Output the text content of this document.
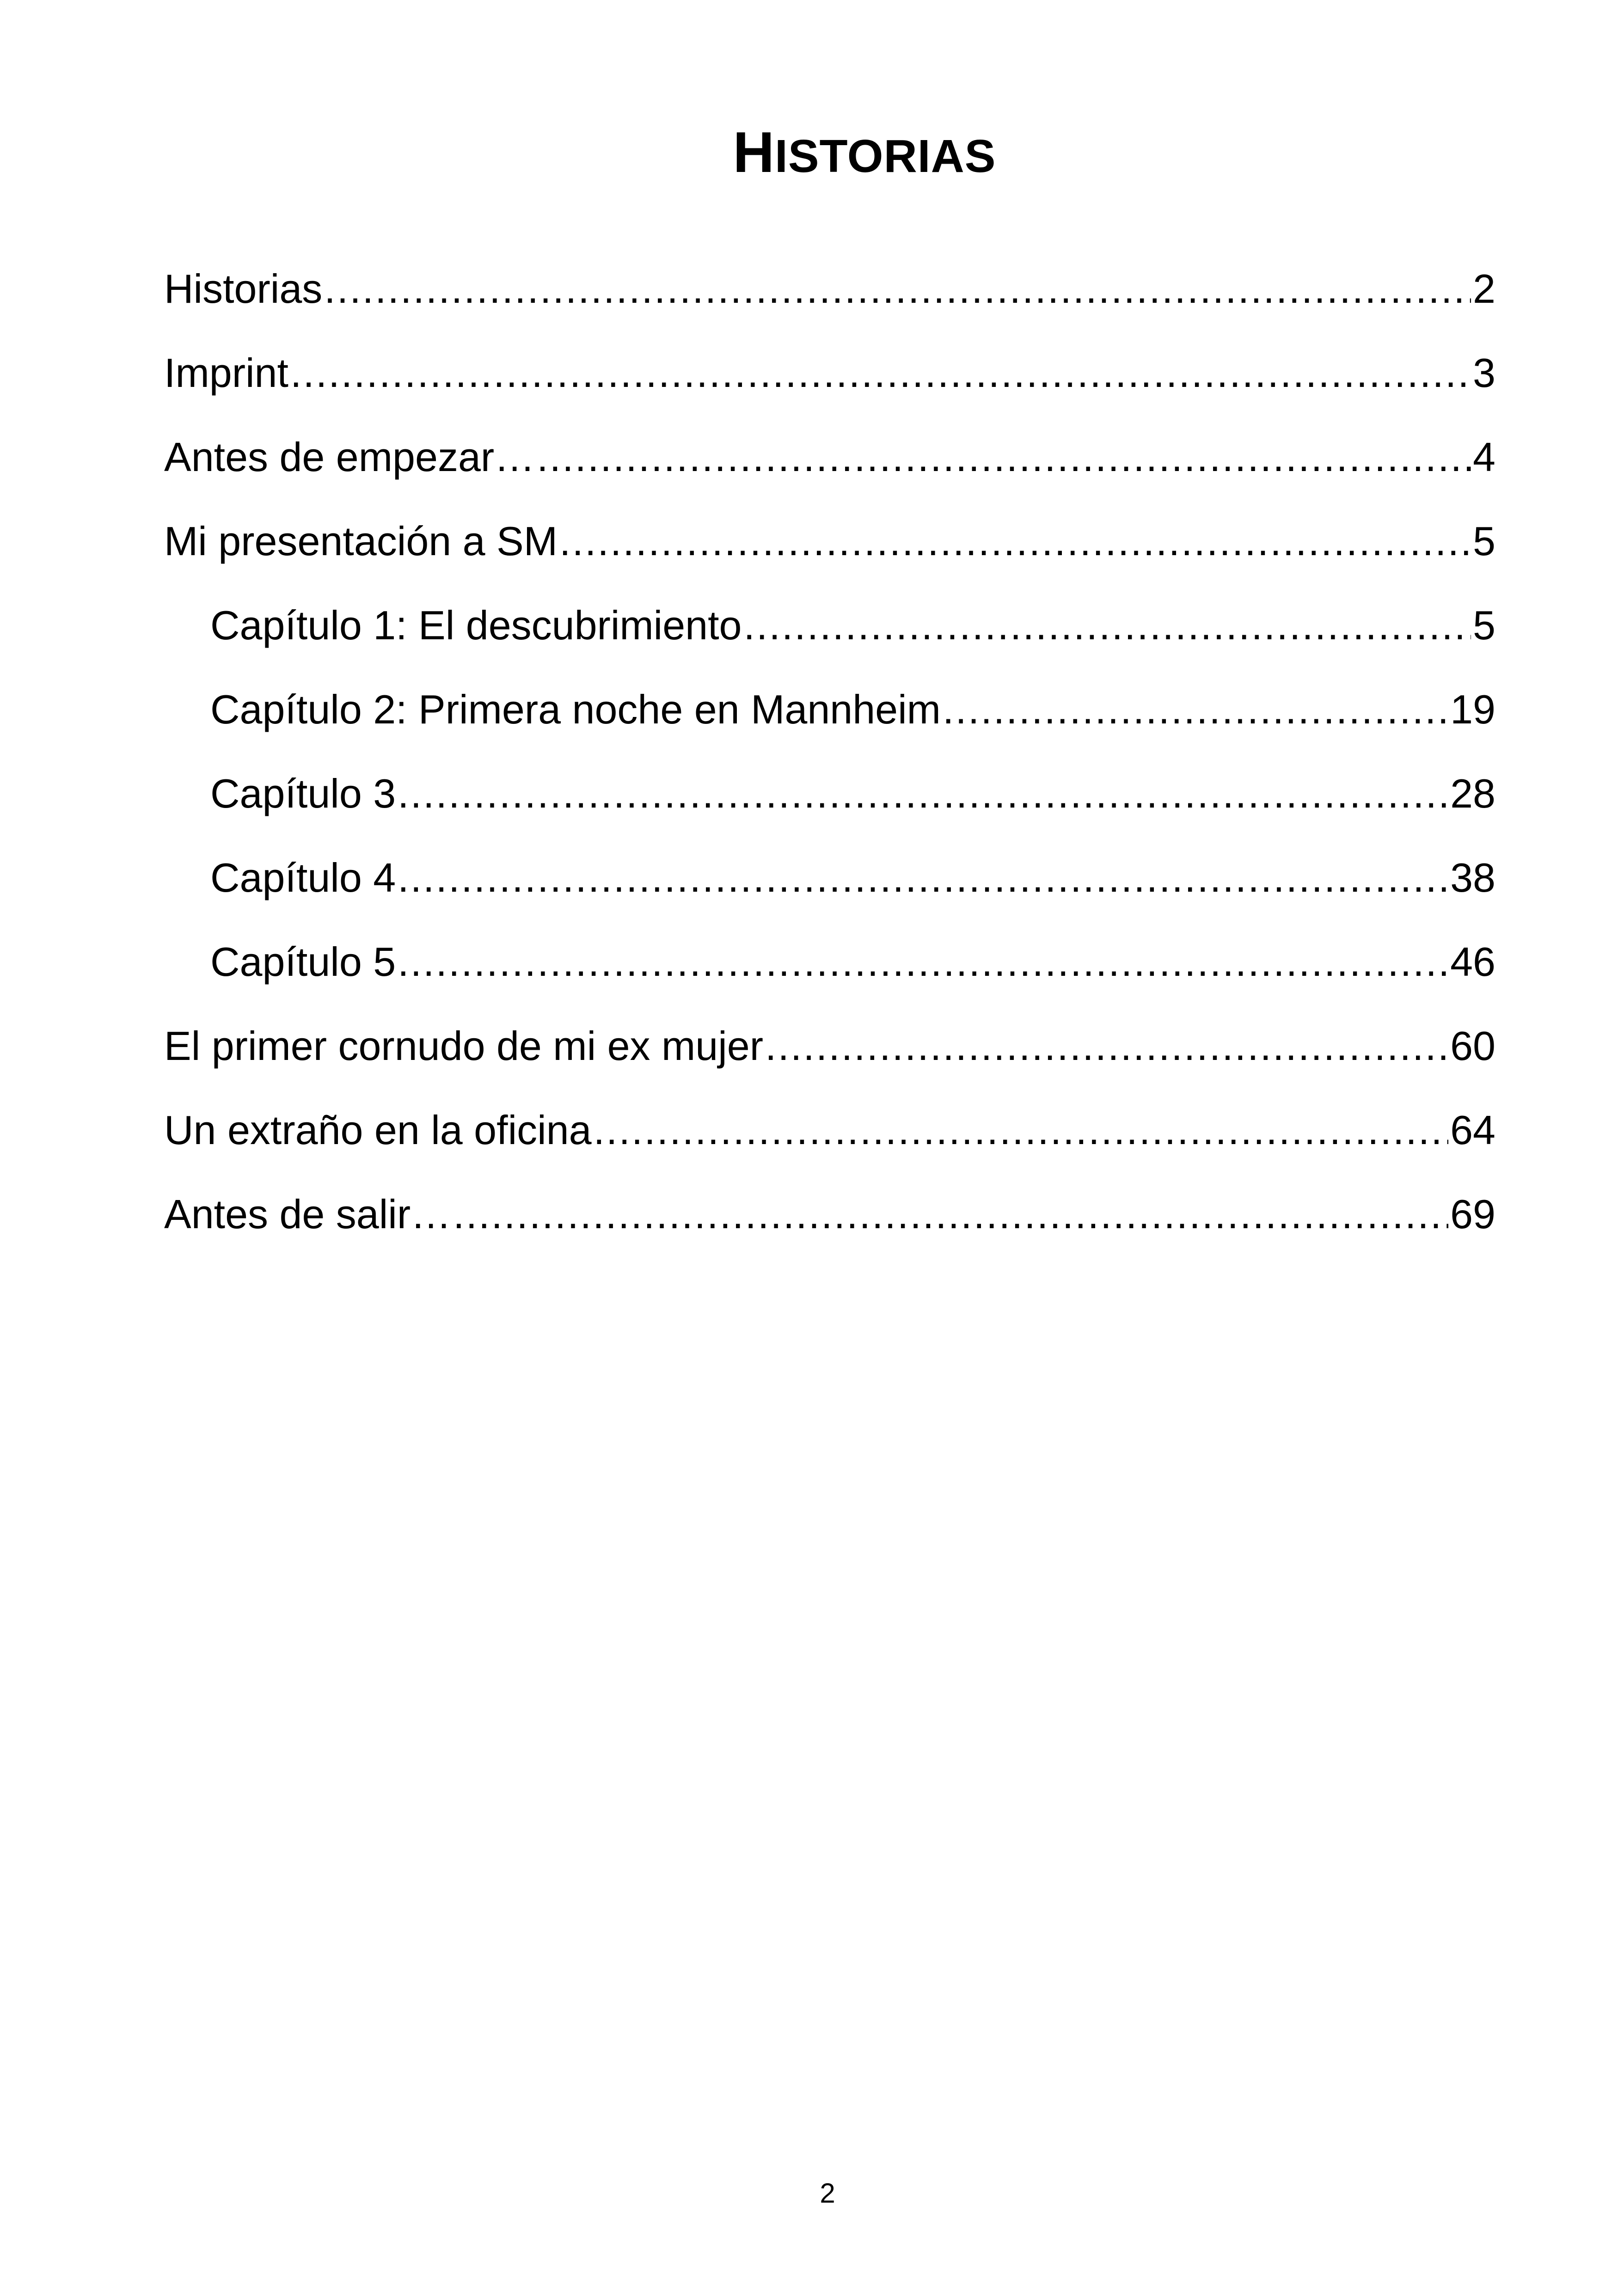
HISTORIAS
Historias .....	2
Imprint .....	3
Antes de empezar… .....	4
Mi presentación a SM .....	5
Capítulo 1: El descubrimiento .....	5
Capítulo 2: Primera noche en Mannheim .....	19
Capítulo 3 .....	28
Capítulo 4 .....	38
Capítulo 5 .....	46
El primer cornudo de mi ex mujer .....	60
Un extraño en la oficina .....	64
Antes de salir… .....	69
2
